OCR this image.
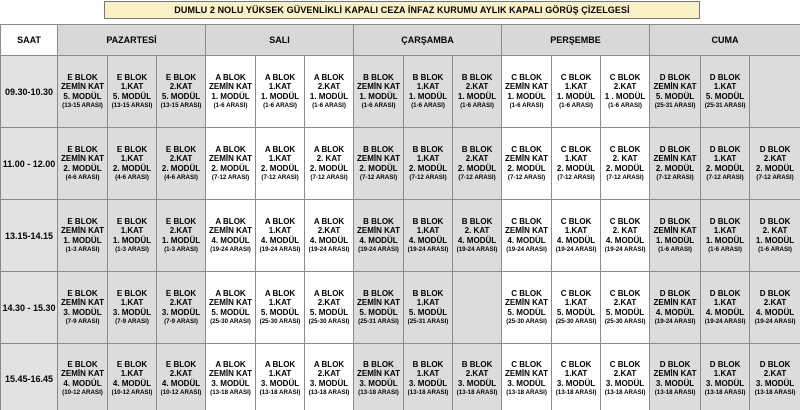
DUMLU 2 NOLU YÜKSEK GÜVENLİKLİ KAPALI CEZA İNFAZ KURUMU AYLIK KAPALI GÖRÜŞ ÇİZELGESİ
SAAT	PAZARTESİ			SALI			ÇARŞAMBA			PERŞEMBE			CUMA		
09.30-10.30	E BLOK
ZEMİN KAT
5. MODÜL
(13-15 ARASI)	E BLOK
1.KAT
5. MODÜL
(13-15 ARASI)	E BLOK
2.KAT
5. MODÜL
(13-15 ARASI)	A BLOK
ZEMİN KAT
1. MODÜL
(1-6 ARASI)	A BLOK
1.KAT
1. MODÜL
(1-6 ARASI)	A BLOK
2.KAT
1. MODÜL
(1-6 ARASI)	B BLOK
ZEMİN KAT
1. MODÜL
(1-6 ARASI)	B BLOK
1.KAT
1. MODÜL
(1-6 ARASI)	B BLOK
2.KAT
1. MODÜL
(1-6 ARASI)	C BLOK
ZEMİN KAT
1. MODÜL
(1-6 ARASI)	C BLOK
1.KAT
1. MODÜL
(1-6 ARASI)	C BLOK
2.KAT
1 . MODÜL
(1-6 ARASI)	D BLOK
ZEMİN KAT
5. MODÜL
(25-31 ARASI)	D BLOK
1.KAT
5. MODÜL
(25-31 ARASI)	

11.00 - 12.00	E BLOK
ZEMİN KAT
2. MODÜL
(4-6 ARASI)	E BLOK
1.KAT
2. MODÜL
(4-6 ARASI)	E BLOK
2.KAT
2. MODÜL
(4-6 ARASI)	A BLOK
ZEMİN KAT
2. MODÜL
(7-12 ARASI)	A BLOK
1.KAT
2. MODÜL
(7-12 ARASI)	A BLOK
2. KAT
2. MODÜL
(7-12 ARASI)	B BLOK
ZEMİN KAT
2. MODÜL
(7-12 ARASI)	B BLOK
1.KAT
2. MODÜL
(7-12 ARASI)	B BLOK
2.KAT
2. MODÜL
(7-12 ARASI)	C BLOK
ZEMİN KAT
2. MODÜL
(7-12 ARASI)	C BLOK
1.KAT
2. MODÜL
(7-12 ARASI)	C BLOK
2. KAT
2. MODÜL
(7-12 ARASI)	D BLOK
ZEMİN KAT
2. MODÜL
(7-12 ARASI)	D BLOK
1.KAT
2. MODÜL
(7-12 ARASI)	D BLOK
2.KAT
2. MODÜL
(7-12 ARASI)

13.15-14.15	E BLOK
ZEMİN KAT
1. MODÜL
(1-3 ARASI)	E BLOK
1.KAT
1. MODÜL
(1-3 ARASI)	E BLOK
2.KAT
1. MODÜL
(1-3 ARASI)	A BLOK
ZEMİN KAT
4. MODÜL
(19-24 ARASI)	A BLOK
1.KAT
4. MODÜL
(19-24 ARASI)	A BLOK
2.KAT
4. MODÜL
(19-24 ARASI)	B BLOK
ZEMİN KAT
4. MODÜL
(19-24 ARASI)	B BLOK
1.KAT
4. MODÜL
(19-24 ARASI)	B BLOK
2. KAT
4. MODÜL
(19-24 ARASI)	C BLOK
ZEMİN KAT
4. MODÜL
(19-24 ARASI)	C BLOK
1.KAT
4. MODÜL
(19-24 ARASI)	C BLOK
2. KAT
4. MODÜL
(19-24 ARASI)	D BLOK
ZEMİN KAT
1. MODÜL
(1-6 ARASI)	D BLOK
1.KAT
1. MODÜL
(1-6 ARASI)	D BLOK
2. KAT
1. MODÜL
(1-6 ARASI)

14.30 - 15.30	E BLOK
ZEMİN KAT
3. MODÜL
(7-9 ARASI)	E BLOK
1.KAT
3. MODÜL
(7-9 ARASI)	E BLOK
2.KAT
3. MODÜL
(7-9 ARASI)	A BLOK
ZEMİN KAT
5. MODÜL
(25-30 ARASI)	A BLOK
1.KAT
5. MODÜL
(25-30 ARASI)	A BLOK
2.KAT
5. MODÜL
(25-30 ARASI)	B BLOK
ZEMİN KAT
5. MODÜL
(25-31 ARASI)	B BLOK
1.KAT
5. MODÜL
(25-31 ARASI)		C BLOK
ZEMİN KAT
5. MODÜL
(25-30 ARASI)	C BLOK
1.KAT
5. MODÜL
(25-30 ARASI)	C BLOK
2.KAT
5. MODÜL
(25-30 ARASI)	D BLOK
ZEMİN KAT
4. MODÜL
(19-24 ARASI)	D BLOK
1.KAT
4. MODÜL
(19-24 ARASI)	D BLOK
2.KAT
4. MODÜL
(19-24 ARASI)

15.45-16.45	E BLOK
ZEMİN KAT
4. MODÜL
(10-12 ARASI)	E BLOK
1.KAT
4. MODÜL
(10-12 ARASI)	E BLOK
2.KAT
4. MODÜL
(10-12 ARASI)	A BLOK
ZEMİN KAT
3. MODÜL
(13-18 ARASI)	A BLOK
1.KAT
3. MODÜL
(13-18 ARASI)	A BLOK
2.KAT
3. MODÜL
(13-18 ARASI)	B BLOK
ZEMİN KAT
3. MODÜL
(13-18 ARASI)	B BLOK
1.KAT
3. MODÜL
(13-18 ARASI)	B BLOK
2.KAT
3. MODÜL
(13-18 ARASI)	C BLOK
ZEMİN KAT
3. MODÜL
(13-18 ARASI)	C BLOK
1.KAT
3. MODÜL
(13-18 ARASI)	C BLOK
2.KAT
3. MODÜL
(13-18 ARASI)	D BLOK
ZEMİN KAT
3. MODÜL
(13-18 ARASI)	D BLOK
1.KAT
3. MODÜL
(13-18 ARASI)	D BLOK
2.KAT
3. MODÜL
(13-18 ARASI)
